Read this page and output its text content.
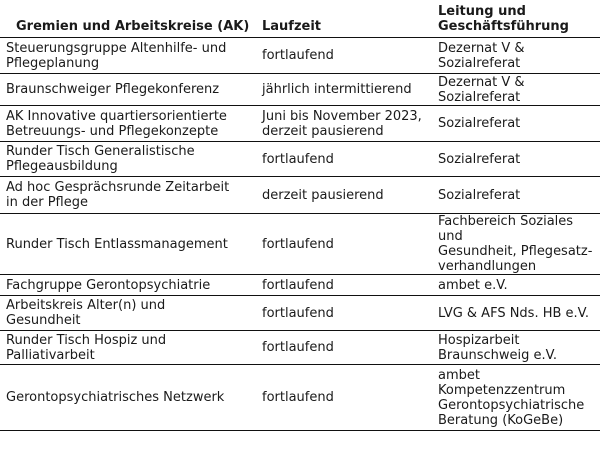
Gremien und Arbeitskreise (AK)	Laufzeit	Leitung und
Geschäftsführung

Steuerungsgruppe Altenhilfe- und
Pflegeplanung	fortlaufend	Dezernat V &
Sozialreferat

Braunschweiger Pflegekonferenz	jährlich intermittierend	Dezernat V &
Sozialreferat

AK Innovative quartiersorientierte
Betreuungs- und Pflegekonzepte	Juni bis November 2023,
derzeit pausierend	Sozialreferat

Runder Tisch Generalistische
Pflegeausbildung	fortlaufend	Sozialreferat

Ad hoc Gesprächsrunde Zeitarbeit
in der Pflege	derzeit pausierend	Sozialreferat

Runder Tisch Entlassmanagement	fortlaufend	Fachbereich Soziales und
Gesundheit, Pflegesatz-
verhandlungen

Fachgruppe Gerontopsychiatrie	fortlaufend	ambet e.V.

Arbeitskreis Alter(n) und
Gesundheit	fortlaufend	LVG & AFS Nds. HB e.V.

Runder Tisch Hospiz und
Palliativarbeit	fortlaufend	Hospizarbeit
Braunschweig e.V.

Gerontopsychiatrisches Netzwerk	fortlaufend	ambet
Kompetenzzentrum
Gerontopsychiatrische
Beratung (KoGeBe)
